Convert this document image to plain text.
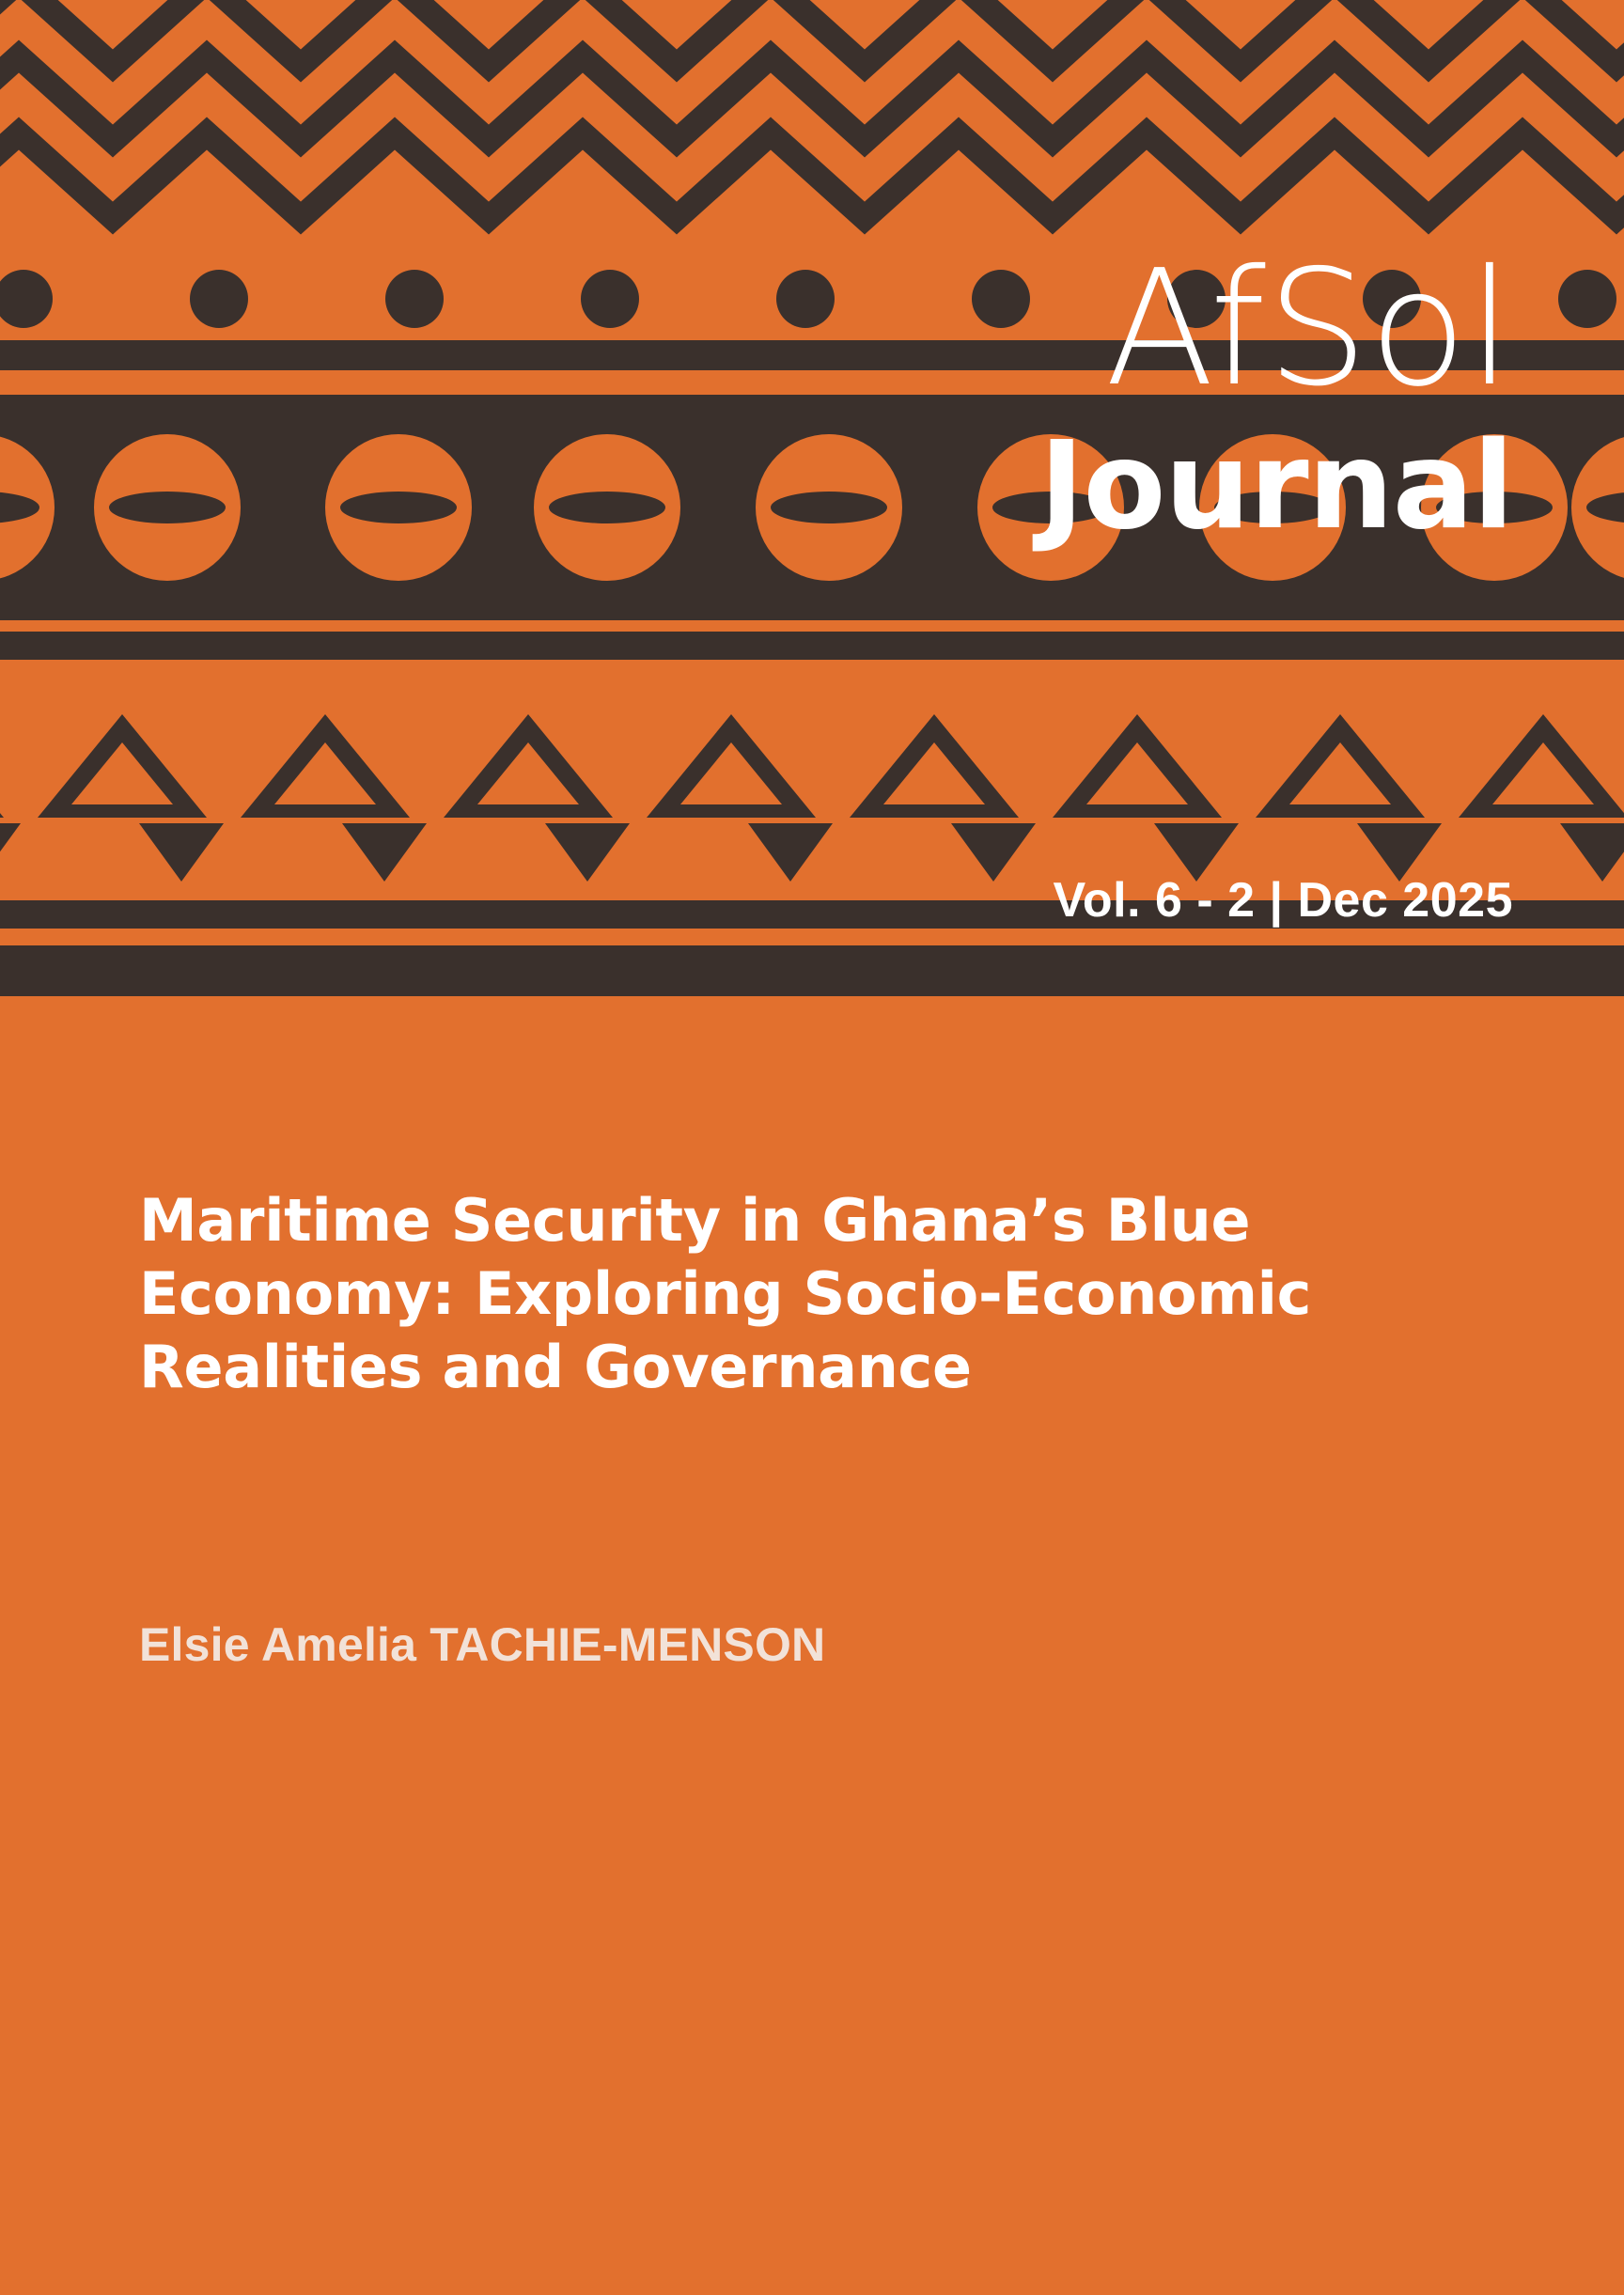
AfSol
Journal
Vol. 6 - 2 | Dec 2025
Maritime Security in Ghana’s Blue Economy: Exploring Socio-Economic Realities and Governance
Elsie Amelia TACHIE-MENSON
